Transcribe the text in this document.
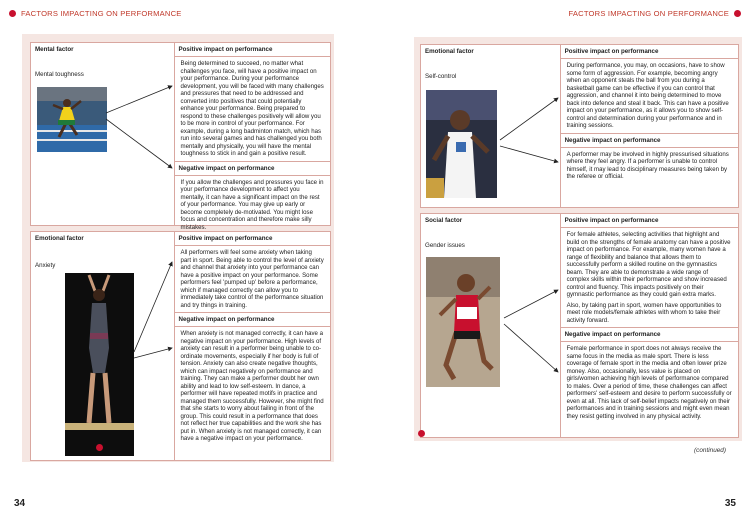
FACTORS IMPACTING ON PERFORMANCE	FACTORS IMPACTING ON PERFORMANCE
Mental factor
Mental toughness
Positive impact on performance
Being determined to succeed, no matter what challenges you face, will have a positive impact on your performance. During your performance development, you will be faced with many challenges and pressures that need to be addressed and converted into positives that could potentially enhance your performance. Being prepared to respond to these challenges positively will allow you to be more in control of your performance. For example, during a long badminton match, which has run into several games and has challenged you both mentally and physically, you will have the mental toughness to stick in and gain a positive result.
Negative impact on performance
If you allow the challenges and pressures you face in your performance development to affect you mentally, it can have a significant impact on the rest of your performance. You may give up early or become completely de-motivated. You might lose focus and concentration and therefore make silly mistakes.
Emotional factor
Anxiety
Positive impact on performance
All performers will feel some anxiety when taking part in sport. Being able to control the level of anxiety and channel that anxiety into your performance can have a positive impact on your performance. Some performers feel 'pumped up' before a performance, which if managed correctly can allow you to immediately take control of the performance situation and try things in training.
Negative impact on performance
When anxiety is not managed correctly, it can have a negative impact on your performance. High levels of anxiety can result in a performer being unable to co-ordinate movements, especially if her body is full of tension. Anxiety can also create negative thoughts, which can impact negatively on performance and training. They can make a performer doubt her own ability and lead to low self-esteem. In dance, a performer will have repeated motifs in practice and managed them successfully. However, she might find that she starts to worry about failing in front of the group. This could result in a performance that does not reflect her true capabilities and the work she has put in. When anxiety is not managed correctly, it can have a negative impact on your performance.
Emotional factor
Self-control
Positive impact on performance
During performance, you may, on occasions, have to show some form of aggression. For example, becoming angry when an opponent steals the ball from you during a basketball game can be effective if you can control that aggression, and channel it into being determined to move back into defence and steal it back. This can have a positive impact on your performance, as it allows you to show self-control and determination during your performance and in training sessions.
Negative impact on performance
A performer may be involved in highly pressurised situations where they feel angry. If a performer is unable to control himself, it may lead to disciplinary measures being taken by the referee or official.
Social factor
Gender issues
Positive impact on performance
For female athletes, selecting activities that highlight and build on the strengths of female anatomy can have a positive impact on performance. For example, many women have a range of flexibility and balance that allows them to successfully perform a skilled routine on the gymnastics beam. They are able to demonstrate a wide range of complex skills within their performance and show increased control and fluency. This impacts positively on their gymnastic performance as they could gain extra marks.
Also, by taking part in sport, women have opportunities to meet role models/female athletes with whom to take their activity forward.
Negative impact on performance
Female performance in sport does not always receive the same focus in the media as male sport. There is less coverage of female sport in the media and often lower prize money. Also, occasionally, less value is placed on girls/women achieving high levels of performance compared to males. Over a period of time, these challenges can affect performers' self-esteem and desire to perform successfully or even at all. This lack of self-belief impacts negatively on their performances and in training sessions and might even mean they resist getting involved in any physical activity.
(continued)
34	35
